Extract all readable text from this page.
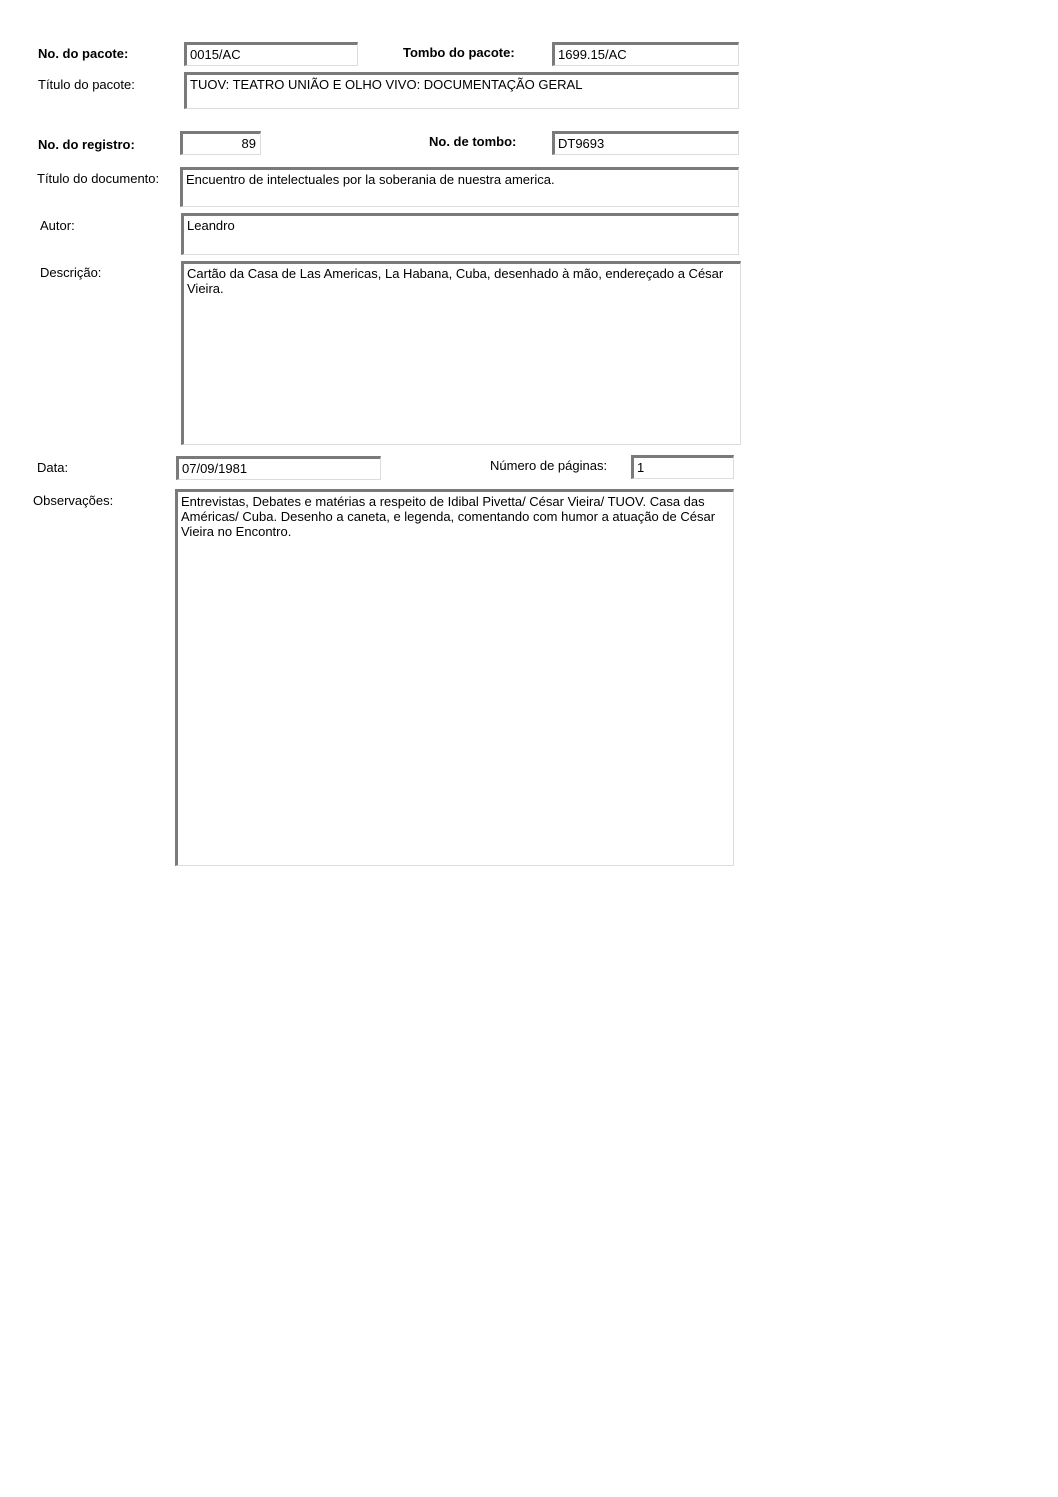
No. do pacote:	0015/AC	Tombo do pacote:	1699.15/AC
Título do pacote:	TUOV: TEATRO UNIÃO E OLHO VIVO: DOCUMENTAÇÃO GERAL
No. do registro:	89	No. de tombo:	DT9693
Título do documento:	Encuentro de intelectuales por la soberania de nuestra america.
Autor:	Leandro
Descrição:	Cartão da Casa de Las Americas, La Habana, Cuba, desenhado à mão, endereçado a César Vieira.
Data:	07/09/1981	Número de páginas:	1
Observações:	Entrevistas, Debates e matérias a respeito de Idibal Pivetta/ César Vieira/ TUOV. Casa das Américas/ Cuba. Desenho a caneta, e legenda, comentando com humor a atuação de César Vieira no Encontro.
